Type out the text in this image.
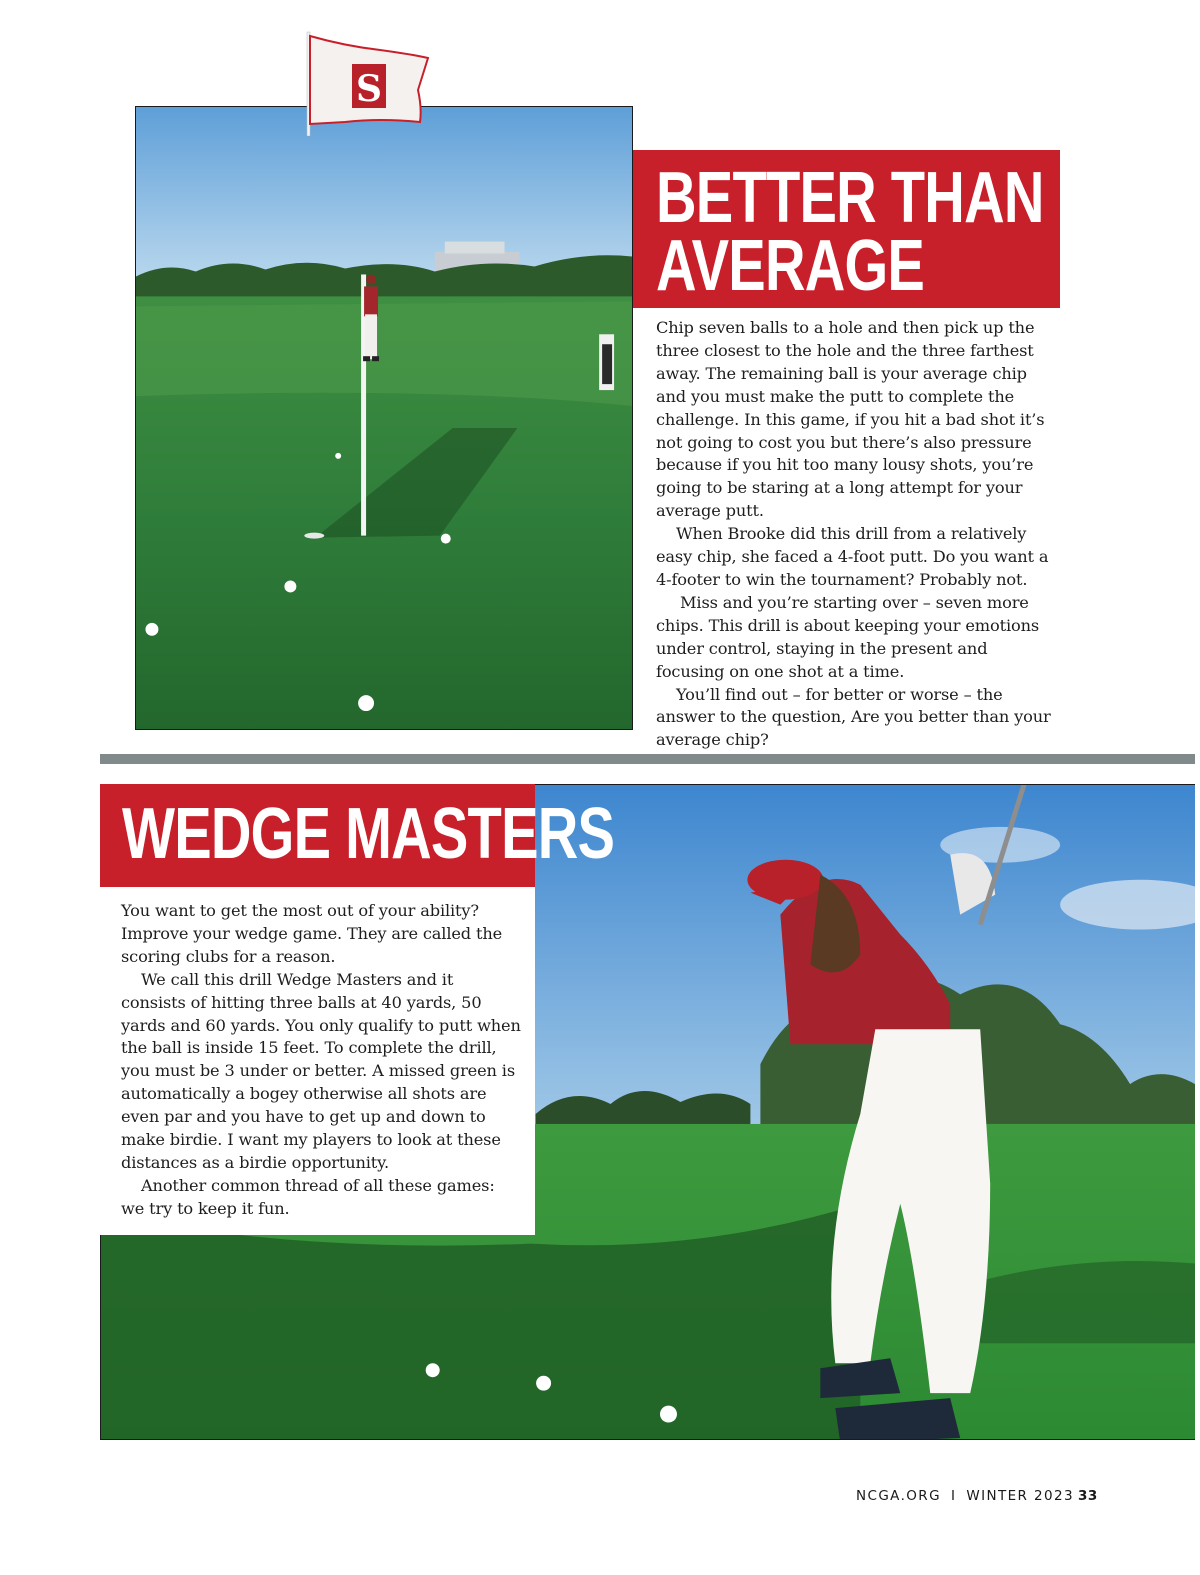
S
BETTER THAN
AVERAGE

Chip seven balls to a hole and then pick up the three closest to the hole and the three farthest away. The remaining ball is your average chip and you must make the putt to complete the challenge. In this game, if you hit a bad shot it’s not going to cost you but there’s also pressure because if you hit too many lousy shots, you’re going to be staring at a long attempt for your average putt.

When Brooke did this drill from a relatively easy chip, she faced a 4-foot putt. Do you want a 4-footer to win the tournament? Probably not.

Miss and you’re starting over – seven more chips. This drill is about keeping your emotions under control, staying in the present and focusing on one shot at a time.

You’ll find out – for better or worse – the answer to the question, Are you better than your average chip?

WEDGE MASTERS

You want to get the most out of your ability? Improve your wedge game. They are called the scoring clubs for a reason.

We call this drill Wedge Masters and it consists of hitting three balls at 40 yards, 50 yards and 60 yards. You only qualify to putt when the ball is inside 15 feet. To complete the drill, you must be 3 under or better. A missed green is automatically a bogey otherwise all shots are even par and you have to get up and down to make birdie. I want my players to look at these distances as a birdie opportunity.

Another common thread of all these games: we try to keep it fun.

NCGA.ORG I WINTER 2023 33
